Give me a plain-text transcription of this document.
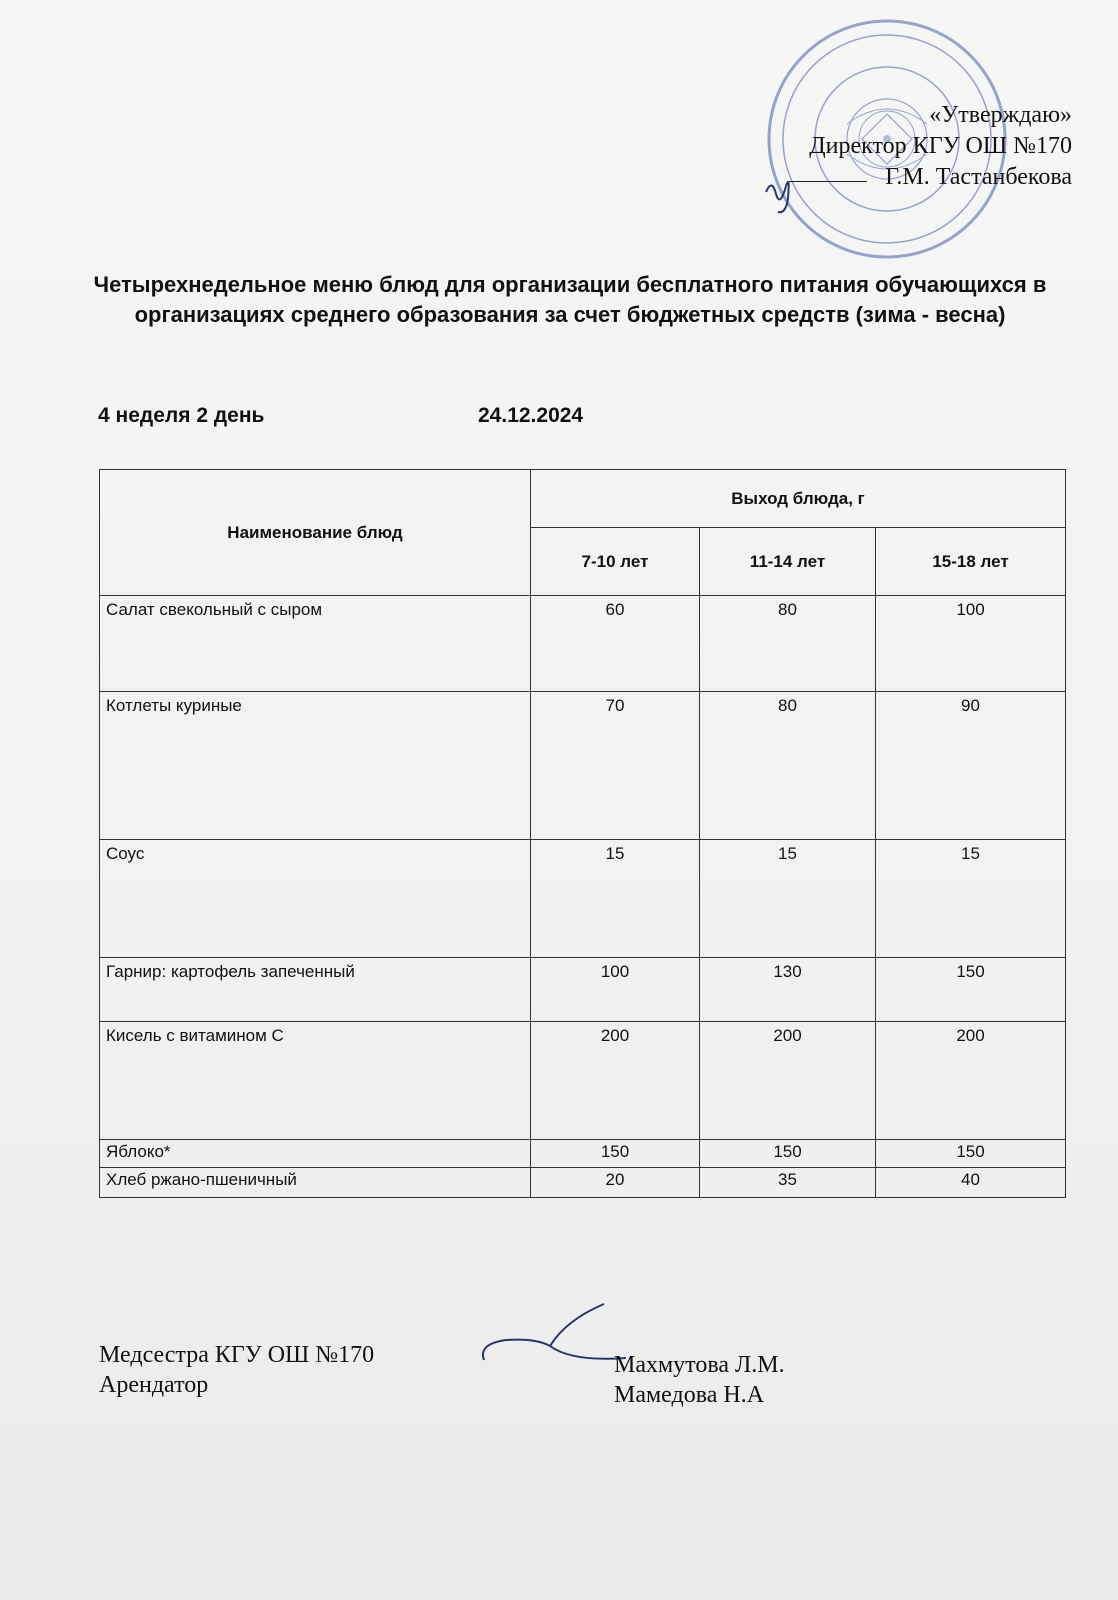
«Утверждаю»
Директор КГУ ОШ №170
Г.М. Тастанбекова
Четырехнедельное меню блюд для организации бесплатного питания обучающихся в организациях среднего образования за счет бюджетных средств (зима - весна)
4 неделя 2 день	24.12.2024
Наименование блюд	Выход блюда, г		
	7-10 лет	11-14 лет	15-18 лет
Салат свекольный с сыром	60	80	100
Котлеты куриные	70	80	90
Соус	15	15	15
Гарнир: картофель запеченный	100	130	150
Кисель с витамином С	200	200	200
Яблоко*	150	150	150
Хлеб ржано-пшеничный	20	35	40
Медсестра КГУ ОШ №170
Арендатор
Махмутова Л.М.
Мамедова Н.А
